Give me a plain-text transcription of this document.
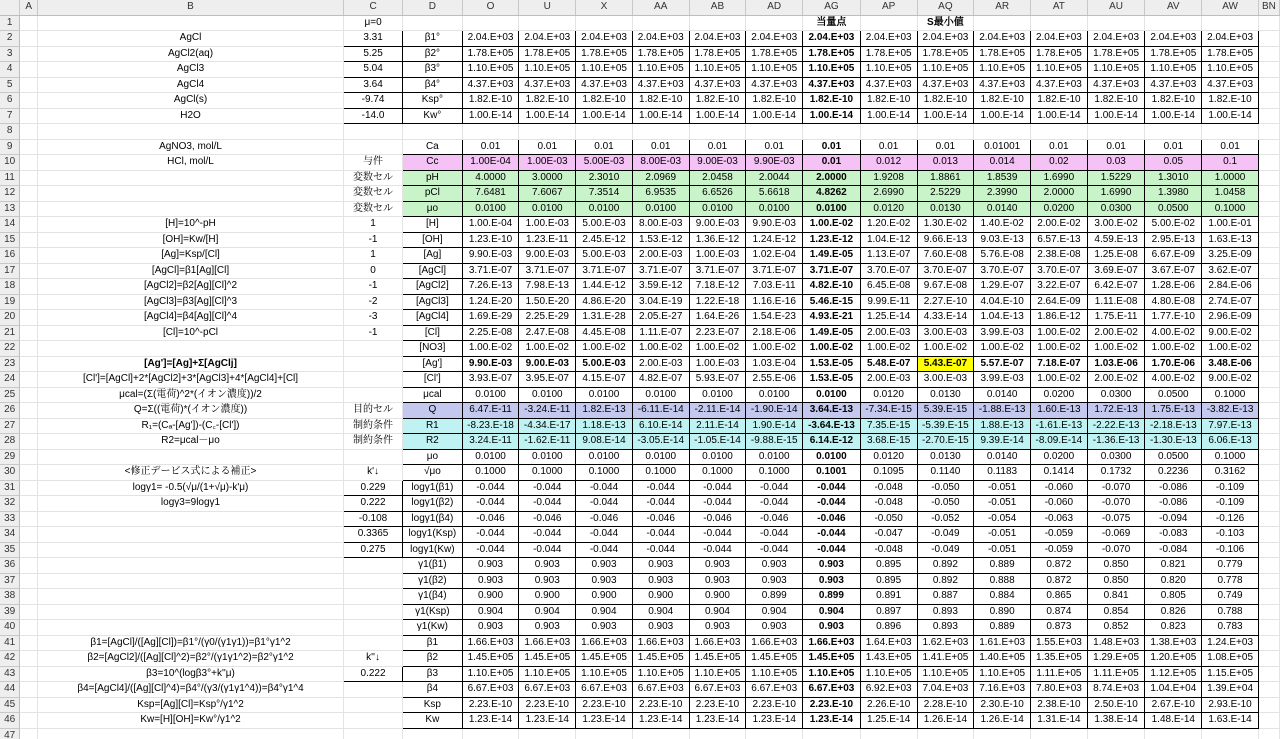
	A	B	C	D	O	U	X	AA	AB	AD	AG	AP	AQ	AR	AT	AU	AV	AW	BN
1			μ=0								当量点		S最小値						
2		AgCl	3.31	β1°	2.04.E+03	2.04.E+03	2.04.E+03	2.04.E+03	2.04.E+03	2.04.E+03	2.04.E+03	2.04.E+03	2.04.E+03	2.04.E+03	2.04.E+03	2.04.E+03	2.04.E+03	2.04.E+03	
3		AgCl2(aq)	5.25	β2°	1.78.E+05	1.78.E+05	1.78.E+05	1.78.E+05	1.78.E+05	1.78.E+05	1.78.E+05	1.78.E+05	1.78.E+05	1.78.E+05	1.78.E+05	1.78.E+05	1.78.E+05	1.78.E+05	
4		AgCl3	5.04	β3°	1.10.E+05	1.10.E+05	1.10.E+05	1.10.E+05	1.10.E+05	1.10.E+05	1.10.E+05	1.10.E+05	1.10.E+05	1.10.E+05	1.10.E+05	1.10.E+05	1.10.E+05	1.10.E+05	
5		AgCl4	3.64	β4°	4.37.E+03	4.37.E+03	4.37.E+03	4.37.E+03	4.37.E+03	4.37.E+03	4.37.E+03	4.37.E+03	4.37.E+03	4.37.E+03	4.37.E+03	4.37.E+03	4.37.E+03	4.37.E+03	
6		AgCl(s)	-9.74	Ksp°	1.82.E-10	1.82.E-10	1.82.E-10	1.82.E-10	1.82.E-10	1.82.E-10	1.82.E-10	1.82.E-10	1.82.E-10	1.82.E-10	1.82.E-10	1.82.E-10	1.82.E-10	1.82.E-10	
7		H2O	-14.0	Kw°	1.00.E-14	1.00.E-14	1.00.E-14	1.00.E-14	1.00.E-14	1.00.E-14	1.00.E-14	1.00.E-14	1.00.E-14	1.00.E-14	1.00.E-14	1.00.E-14	1.00.E-14	1.00.E-14	
8																			
9		AgNO3, mol/L		Ca	0.01	0.01	0.01	0.01	0.01	0.01	0.01	0.01	0.01	0.01001	0.01	0.01	0.01	0.01	
10		HCl, mol/L	与件	Cc	1.00E-04	1.00E-03	5.00E-03	8.00E-03	9.00E-03	9.90E-03	0.01	0.012	0.013	0.014	0.02	0.03	0.05	0.1	
11			変数セル	pH	4.0000	3.0000	2.3010	2.0969	2.0458	2.0044	2.0000	1.9208	1.8861	1.8539	1.6990	1.5229	1.3010	1.0000	
12			変数セル	pCl	7.6481	7.6067	7.3514	6.9535	6.6526	5.6618	4.8262	2.6990	2.5229	2.3990	2.0000	1.6990	1.3980	1.0458	
13			変数セル	μo	0.0100	0.0100	0.0100	0.0100	0.0100	0.0100	0.0100	0.0120	0.0130	0.0140	0.0200	0.0300	0.0500	0.1000	
14		[H]=10^-pH	1	[H]	1.00.E-04	1.00.E-03	5.00.E-03	8.00.E-03	9.00.E-03	9.90.E-03	1.00.E-02	1.20.E-02	1.30.E-02	1.40.E-02	2.00.E-02	3.00.E-02	5.00.E-02	1.00.E-01	
15		[OH]=Kw/[H]	-1	[OH]	1.23.E-10	1.23.E-11	2.45.E-12	1.53.E-12	1.36.E-12	1.24.E-12	1.23.E-12	1.04.E-12	9.66.E-13	9.03.E-13	6.57.E-13	4.59.E-13	2.95.E-13	1.63.E-13	
16		[Ag]=Ksp/[Cl]	1	[Ag]	9.90.E-03	9.00.E-03	5.00.E-03	2.00.E-03	1.00.E-03	1.02.E-04	1.49.E-05	1.13.E-07	7.60.E-08	5.76.E-08	2.38.E-08	1.25.E-08	6.67.E-09	3.25.E-09	
17		[AgCl]=β1[Ag][Cl]	0	[AgCl]	3.71.E-07	3.71.E-07	3.71.E-07	3.71.E-07	3.71.E-07	3.71.E-07	3.71.E-07	3.70.E-07	3.70.E-07	3.70.E-07	3.70.E-07	3.69.E-07	3.67.E-07	3.62.E-07	
18		[AgCl2]=β2[Ag][Cl]^2	-1	[AgCl2]	7.26.E-13	7.98.E-13	1.44.E-12	3.59.E-12	7.18.E-12	7.03.E-11	4.82.E-10	6.45.E-08	9.67.E-08	1.29.E-07	3.22.E-07	6.42.E-07	1.28.E-06	2.84.E-06	
19		[AgCl3]=β3[Ag][Cl]^3	-2	[AgCl3]	1.24.E-20	1.50.E-20	4.86.E-20	3.04.E-19	1.22.E-18	1.16.E-16	5.46.E-15	9.99.E-11	2.27.E-10	4.04.E-10	2.64.E-09	1.11.E-08	4.80.E-08	2.74.E-07	
20		[AgCl4]=β4[Ag][Cl]^4	-3	[AgCl4]	1.69.E-29	2.25.E-29	1.31.E-28	2.05.E-27	1.64.E-26	1.54.E-23	4.93.E-21	1.25.E-14	4.33.E-14	1.04.E-13	1.86.E-12	1.75.E-11	1.77.E-10	2.96.E-09	
21		[Cl]=10^-pCl	-1	[Cl]	2.25.E-08	2.47.E-08	4.45.E-08	1.11.E-07	2.23.E-07	2.18.E-06	1.49.E-05	2.00.E-03	3.00.E-03	3.99.E-03	1.00.E-02	2.00.E-02	4.00.E-02	9.00.E-02	
22				[NO3]	1.00.E-02	1.00.E-02	1.00.E-02	1.00.E-02	1.00.E-02	1.00.E-02	1.00.E-02	1.00.E-02	1.00.E-02	1.00.E-02	1.00.E-02	1.00.E-02	1.00.E-02	1.00.E-02	
23		[Ag']=[Ag]+Σ[AgClj]		[Ag']	9.90.E-03	9.00.E-03	5.00.E-03	2.00.E-03	1.00.E-03	1.03.E-04	1.53.E-05	5.48.E-07	5.43.E-07	5.57.E-07	7.18.E-07	1.03.E-06	1.70.E-06	3.48.E-06	
24		[Cl']=[AgCl]+2*[AgCl2]+3*[AgCl3]+4*[AgCl4]+[Cl]		[Cl']	3.93.E-07	3.95.E-07	4.15.E-07	4.82.E-07	5.93.E-07	2.55.E-06	1.53.E-05	2.00.E-03	3.00.E-03	3.99.E-03	1.00.E-02	2.00.E-02	4.00.E-02	9.00.E-02	
25		μcal=(Σ(電荷)^2*(イオン濃度))/2		μcal	0.0100	0.0100	0.0100	0.0100	0.0100	0.0100	0.0100	0.0120	0.0130	0.0140	0.0200	0.0300	0.0500	0.1000	
26		Q=Σ((電荷)*(イオン濃度))	目的セル	Q	6.47.E-11	-3.24.E-11	1.82.E-13	-6.11.E-14	-2.11.E-14	-1.90.E-14	3.64.E-13	-7.34.E-15	5.39.E-15	-1.88.E-13	1.60.E-13	1.72.E-13	1.75.E-13	-3.82.E-13	
27		R₁=(Cₐ-[Ag'])-(C꜀-[Cl'])	制約条件	R1	-8.23.E-18	-4.34.E-17	1.18.E-13	6.10.E-14	2.11.E-14	1.90.E-14	-3.64.E-13	7.35.E-15	-5.39.E-15	1.88.E-13	-1.61.E-13	-2.22.E-13	-2.18.E-13	7.97.E-13	
28		R2=μcal－μo	制約条件	R2	3.24.E-11	-1.62.E-11	9.08.E-14	-3.05.E-14	-1.05.E-14	-9.88.E-15	6.14.E-12	3.68.E-15	-2.70.E-15	9.39.E-14	-8.09.E-14	-1.36.E-13	-1.30.E-13	6.06.E-13	
29				μo	0.0100	0.0100	0.0100	0.0100	0.0100	0.0100	0.0100	0.0120	0.0130	0.0140	0.0200	0.0300	0.0500	0.1000	
30		<修正デービス式による補正>	k'↓	√μo	0.1000	0.1000	0.1000	0.1000	0.1000	0.1000	0.1001	0.1095	0.1140	0.1183	0.1414	0.1732	0.2236	0.3162	
31		logγ1= -0.5(√μ/(1+√μ)-k'μ)	0.229	logγ1(β1)	-0.044	-0.044	-0.044	-0.044	-0.044	-0.044	-0.044	-0.048	-0.050	-0.051	-0.060	-0.070	-0.086	-0.109	
32		logγ3=9logγ1	0.222	logγ1(β2)	-0.044	-0.044	-0.044	-0.044	-0.044	-0.044	-0.044	-0.048	-0.050	-0.051	-0.060	-0.070	-0.086	-0.109	
33			-0.108	logγ1(β4)	-0.046	-0.046	-0.046	-0.046	-0.046	-0.046	-0.046	-0.050	-0.052	-0.054	-0.063	-0.075	-0.094	-0.126	
34			0.3365	logγ1(Ksp)	-0.044	-0.044	-0.044	-0.044	-0.044	-0.044	-0.044	-0.047	-0.049	-0.051	-0.059	-0.069	-0.083	-0.103	
35			0.275	logγ1(Kw)	-0.044	-0.044	-0.044	-0.044	-0.044	-0.044	-0.044	-0.048	-0.049	-0.051	-0.059	-0.070	-0.084	-0.106	
36				γ1(β1)	0.903	0.903	0.903	0.903	0.903	0.903	0.903	0.895	0.892	0.889	0.872	0.850	0.821	0.779	
37				γ1(β2)	0.903	0.903	0.903	0.903	0.903	0.903	0.903	0.895	0.892	0.888	0.872	0.850	0.820	0.778	
38				γ1(β4)	0.900	0.900	0.900	0.900	0.900	0.899	0.899	0.891	0.887	0.884	0.865	0.841	0.805	0.749	
39				γ1(Ksp)	0.904	0.904	0.904	0.904	0.904	0.904	0.904	0.897	0.893	0.890	0.874	0.854	0.826	0.788	
40				γ1(Kw)	0.903	0.903	0.903	0.903	0.903	0.903	0.903	0.896	0.893	0.889	0.873	0.852	0.823	0.783	
41		β1=[AgCl]/([Ag][Cl])=β1°/(γ0/(γ1γ1))=β1°γ1^2		β1	1.66.E+03	1.66.E+03	1.66.E+03	1.66.E+03	1.66.E+03	1.66.E+03	1.66.E+03	1.64.E+03	1.62.E+03	1.61.E+03	1.55.E+03	1.48.E+03	1.38.E+03	1.24.E+03	
42		β2=[AgCl2]/([Ag][Cl]^2)=β2°/(γ1γ1^2)=β2°γ1^2	k''↓	β2	1.45.E+05	1.45.E+05	1.45.E+05	1.45.E+05	1.45.E+05	1.45.E+05	1.45.E+05	1.43.E+05	1.41.E+05	1.40.E+05	1.35.E+05	1.29.E+05	1.20.E+05	1.08.E+05	
43		β3=10^(logβ3°+k''μ)	0.222	β3	1.10.E+05	1.10.E+05	1.10.E+05	1.10.E+05	1.10.E+05	1.10.E+05	1.10.E+05	1.10.E+05	1.10.E+05	1.10.E+05	1.11.E+05	1.11.E+05	1.12.E+05	1.15.E+05	
44		β4=[AgCl4]/([Ag][Cl]^4)=β4°/(γ3/(γ1γ1^4))=β4°γ1^4		β4	6.67.E+03	6.67.E+03	6.67.E+03	6.67.E+03	6.67.E+03	6.67.E+03	6.67.E+03	6.92.E+03	7.04.E+03	7.16.E+03	7.80.E+03	8.74.E+03	1.04.E+04	1.39.E+04	
45		Ksp=[Ag][Cl]=Ksp°/γ1^2		Ksp	2.23.E-10	2.23.E-10	2.23.E-10	2.23.E-10	2.23.E-10	2.23.E-10	2.23.E-10	2.26.E-10	2.28.E-10	2.30.E-10	2.38.E-10	2.50.E-10	2.67.E-10	2.93.E-10	
46		Kw=[H][OH]=Kw°/γ1^2		Kw	1.23.E-14	1.23.E-14	1.23.E-14	1.23.E-14	1.23.E-14	1.23.E-14	1.23.E-14	1.25.E-14	1.26.E-14	1.26.E-14	1.31.E-14	1.38.E-14	1.48.E-14	1.63.E-14	
47																			
